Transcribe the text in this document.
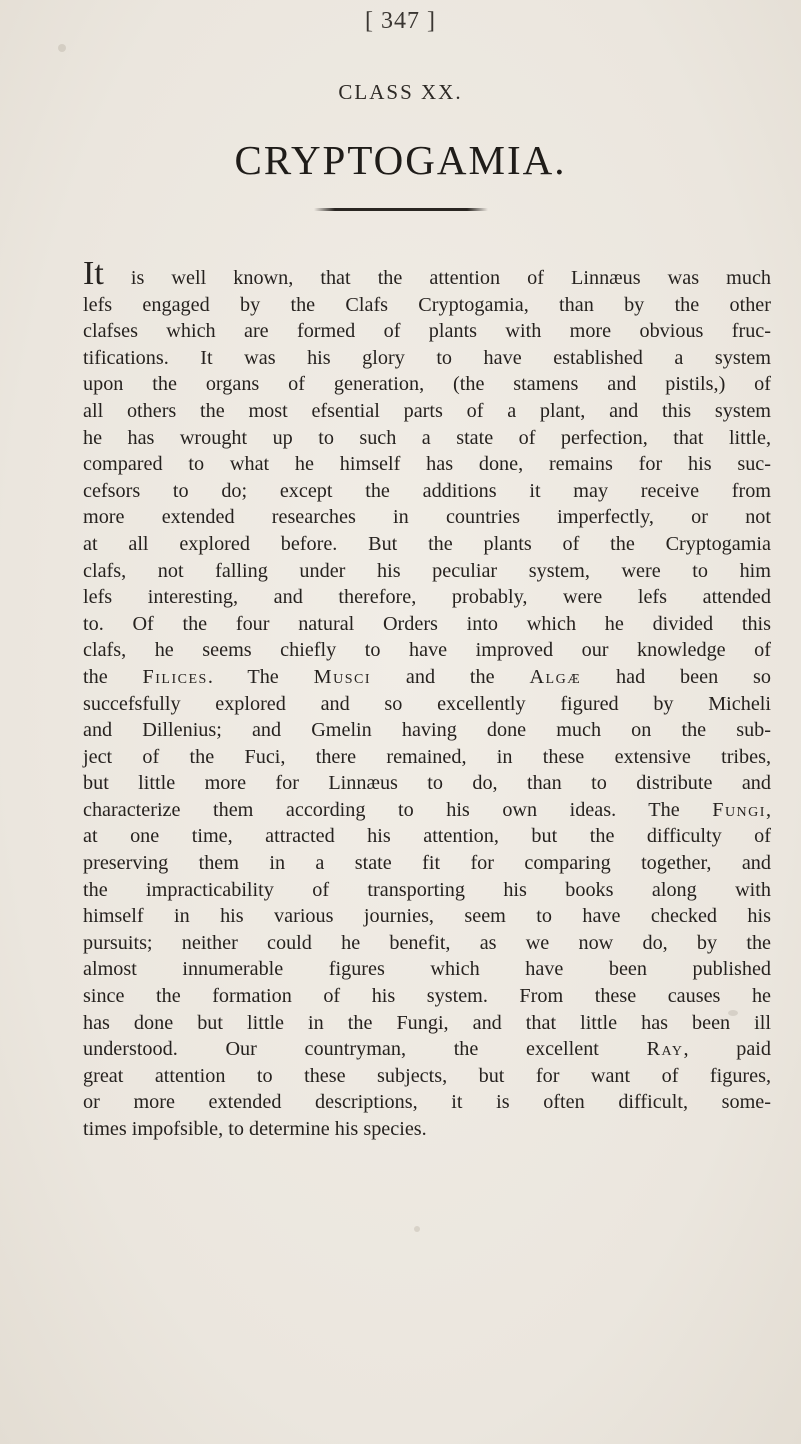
[ 347 ]
CLASS XX.
CRYPTOGAMIA.
It is well known, that the attention of Linnæus was much
lefs engaged by the Clafs Cryptogamia, than by the other
clafses which are formed of plants with more obvious fruc-
tifications. It was his glory to have established a system
upon the organs of generation, (the stamens and pistils,) of
all others the most efsential parts of a plant, and this system
he has wrought up to such a state of perfection, that little,
compared to what he himself has done, remains for his suc-
cefsors to do; except the additions it may receive from
more extended researches in countries imperfectly, or not
at all explored before. But the plants of the Cryptogamia
clafs, not falling under his peculiar system, were to him
lefs interesting, and therefore, probably, were lefs attended
to. Of the four natural Orders into which he divided this
clafs, he seems chiefly to have improved our knowledge of
the Filices. The Musci and the Algæ had been so
succefsfully explored and so excellently figured by Micheli
and Dillenius; and Gmelin having done much on the sub-
ject of the Fuci, there remained, in these extensive tribes,
but little more for Linnæus to do, than to distribute and
characterize them according to his own ideas. The Fungi,
at one time, attracted his attention, but the difficulty of
preserving them in a state fit for comparing together, and
the impracticability of transporting his books along with
himself in his various journies, seem to have checked his
pursuits; neither could he benefit, as we now do, by the
almost innumerable figures which have been published
since the formation of his system. From these causes he
has done but little in the Fungi, and that little has been ill
understood. Our countryman, the excellent Ray, paid
great attention to these subjects, but for want of figures,
or more extended descriptions, it is often difficult, some-
times impofsible, to determine his species.
